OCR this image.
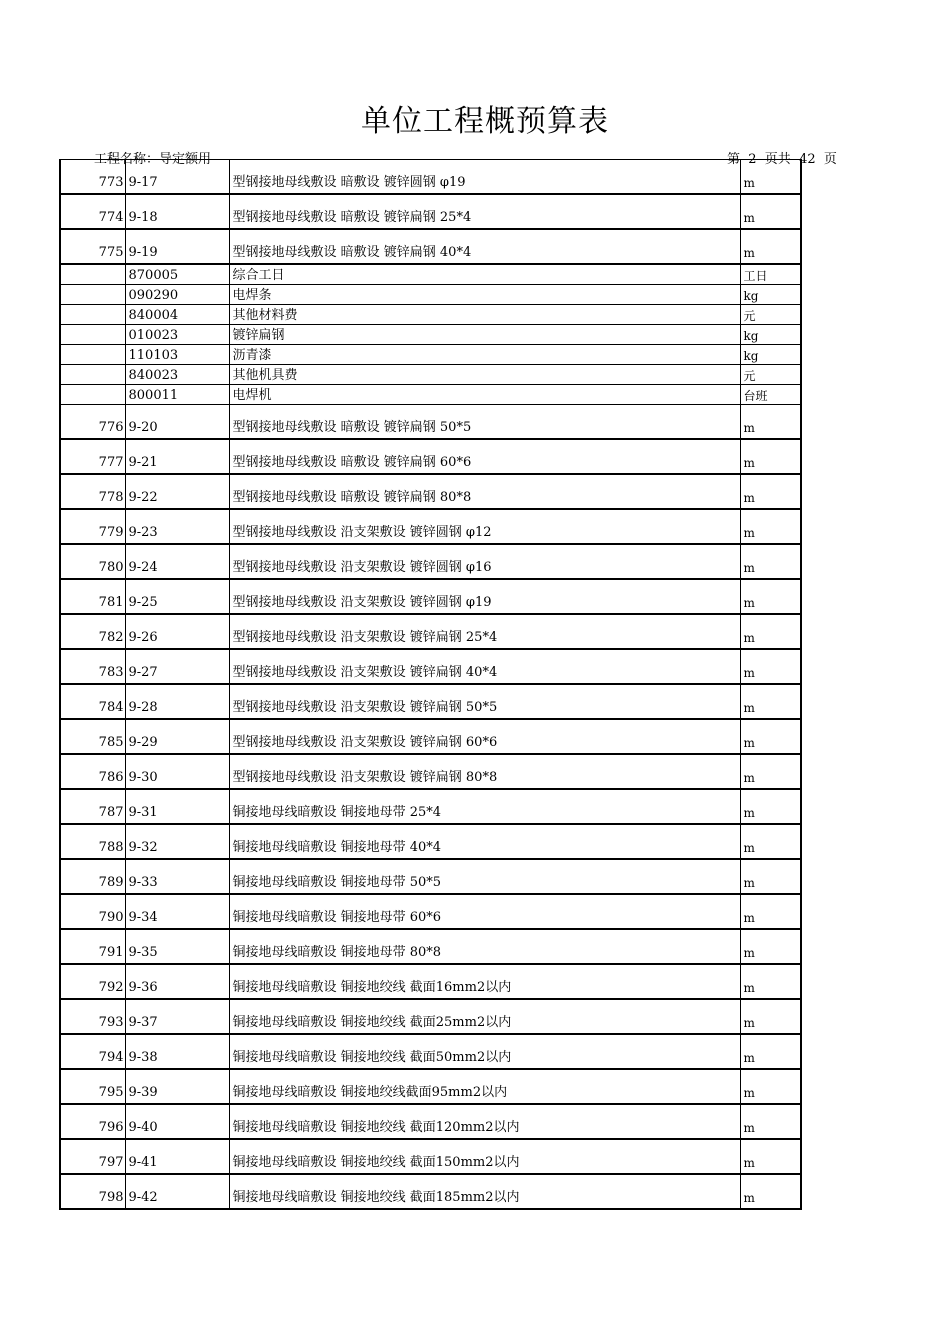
单位工程概预算表
工程名称：导定额用	第  2  页共  42  页
773	9-17	型钢接地母线敷设 暗敷设 镀锌圆钢 φ19	m
774	9-18	型钢接地母线敷设 暗敷设 镀锌扁钢 25*4	m
775	9-19	型钢接地母线敷设 暗敷设 镀锌扁钢 40*4	m
	870005	综合工日	工日
	090290	电焊条	kg
	840004	其他材料费	元
	010023	镀锌扁钢	kg
	110103	沥青漆	kg
	840023	其他机具费	元
	800011	电焊机	台班
776	9-20	型钢接地母线敷设 暗敷设 镀锌扁钢 50*5	m
777	9-21	型钢接地母线敷设 暗敷设 镀锌扁钢 60*6	m
778	9-22	型钢接地母线敷设 暗敷设 镀锌扁钢 80*8	m
779	9-23	型钢接地母线敷设 沿支架敷设 镀锌圆钢 φ12	m
780	9-24	型钢接地母线敷设 沿支架敷设 镀锌圆钢 φ16	m
781	9-25	型钢接地母线敷设 沿支架敷设 镀锌圆钢 φ19	m
782	9-26	型钢接地母线敷设 沿支架敷设 镀锌扁钢 25*4	m
783	9-27	型钢接地母线敷设 沿支架敷设 镀锌扁钢 40*4	m
784	9-28	型钢接地母线敷设 沿支架敷设 镀锌扁钢 50*5	m
785	9-29	型钢接地母线敷设 沿支架敷设 镀锌扁钢 60*6	m
786	9-30	型钢接地母线敷设 沿支架敷设 镀锌扁钢 80*8	m
787	9-31	铜接地母线暗敷设 铜接地母带 25*4	m
788	9-32	铜接地母线暗敷设 铜接地母带 40*4	m
789	9-33	铜接地母线暗敷设 铜接地母带 50*5	m
790	9-34	铜接地母线暗敷设 铜接地母带 60*6	m
791	9-35	铜接地母线暗敷设 铜接地母带 80*8	m
792	9-36	铜接地母线暗敷设 铜接地绞线 截面16mm2以内	m
793	9-37	铜接地母线暗敷设 铜接地绞线 截面25mm2以内	m
794	9-38	铜接地母线暗敷设 铜接地绞线 截面50mm2以内	m
795	9-39	铜接地母线暗敷设 铜接地绞线截面95mm2以内	m
796	9-40	铜接地母线暗敷设 铜接地绞线 截面120mm2以内	m
797	9-41	铜接地母线暗敷设 铜接地绞线 截面150mm2以内	m
798	9-42	铜接地母线暗敷设 铜接地绞线 截面185mm2以内	m
